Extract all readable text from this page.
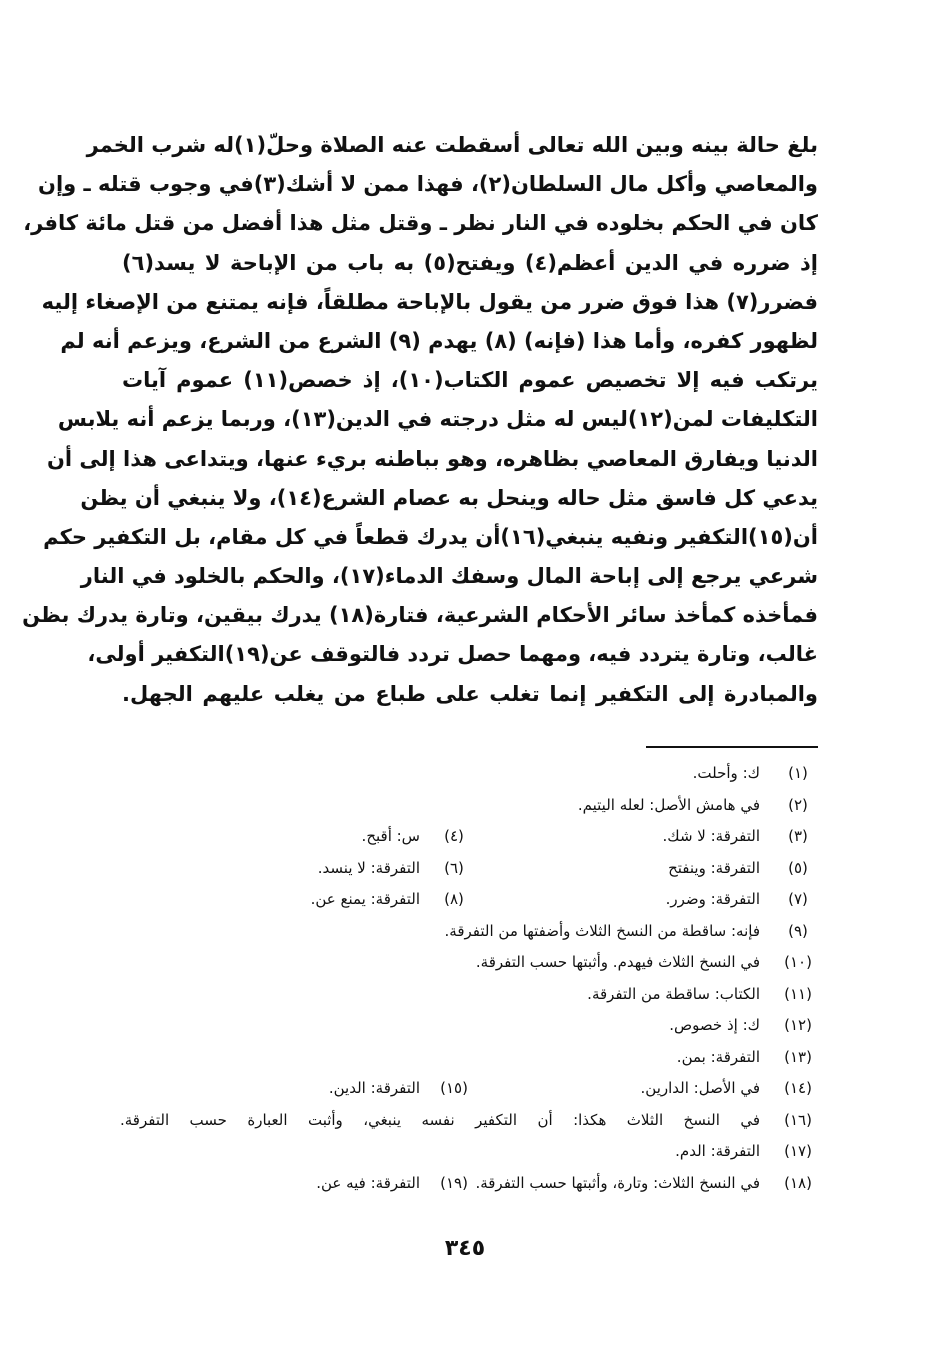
بلغ حالة بينه وبين الله تعالى أسقطت عنه الصلاة وحلّ(١)له شرب الخمر
والمعاصي وأكل مال السلطان(٢)، فهذا ممن لا أشك(٣)في وجوب قتله ـ وإن
كان في الحكم بخلوده في النار نظر ـ وقتل مثل هذا أفضل من قتل مائة كافر،
إذ ضرره في الدين أعظم(٤) ويفتح(٥) به باب من الإباحة لا يسد(٦)
فضرر(٧) هذا فوق ضرر من يقول بالإباحة مطلقاً، فإنه يمتنع من الإصغاء إليه
لظهور كفره، وأما هذا (فإنه) (٨) يهدم (٩) الشرع من الشرع، ويزعم أنه لم
يرتكب فيه إلا تخصيص عموم الكتاب(١٠)، إذ خصص(١١) عموم آيات
التكليفات لمن(١٢)ليس له مثل درجته في الدين(١٣)، وربما يزعم أنه يلابس
الدنيا ويفارق المعاصي بظاهره، وهو بباطنه بريء عنها، ويتداعى هذا إلى أن
يدعي كل فاسق مثل حاله وينحل به عصام الشرع(١٤)، ولا ينبغي أن يظن
أن(١٥)التكفير ونفيه ينبغي(١٦)أن يدرك قطعاً في كل مقام، بل التكفير حكم
شرعي يرجع إلى إباحة المال وسفك الدماء(١٧)، والحكم بالخلود في النار
فمأخذه كمأخذ سائر الأحكام الشرعية، فتارة(١٨) يدرك بيقين، وتارة يدرك بظن
غالب، وتارة يتردد فيه، ومهما حصل تردد فالتوقف عن(١٩)التكفير أولى،
والمبادرة إلى التكفير إنما تغلب على طباع من يغلب عليهم الجهل.
(١)
ك: وأحلت.
(٢)
في هامش الأصل: لعله اليتيم.
(٣)
التفرقة: لا شك.
(٤)
س: أقبح.
(٥)
التفرقة: وينفتح
(٦)
التفرقة: لا ينسد.
(٧)
التفرقة: وضرر.
(٨)
التفرقة: يمنع عن.
(٩)
فإنه: ساقطة من النسخ الثلاث وأضفتها من التفرقة.
(١٠)
في النسخ الثلاث فيهدم. وأثبتها حسب التفرقة.
(١١)
الكتاب: ساقطة من التفرقة.
(١٢)
ك: إذ خصوص.
(١٣)
التفرقة: بمن.
(١٤)
في الأصل: الدارين.
(١٥)
التفرقة: الدين.
(١٦)
في النسخ الثلاث هكذا: أن التكفير نفسه ينبغي، وأثبت العبارة حسب التفرقة.
(١٧)
التفرقة: الدم.
(١٨)
في النسخ الثلاث: وتارة، وأثبتها حسب التفرقة.
(١٩)
التفرقة: فيه عن.
٣٤٥
